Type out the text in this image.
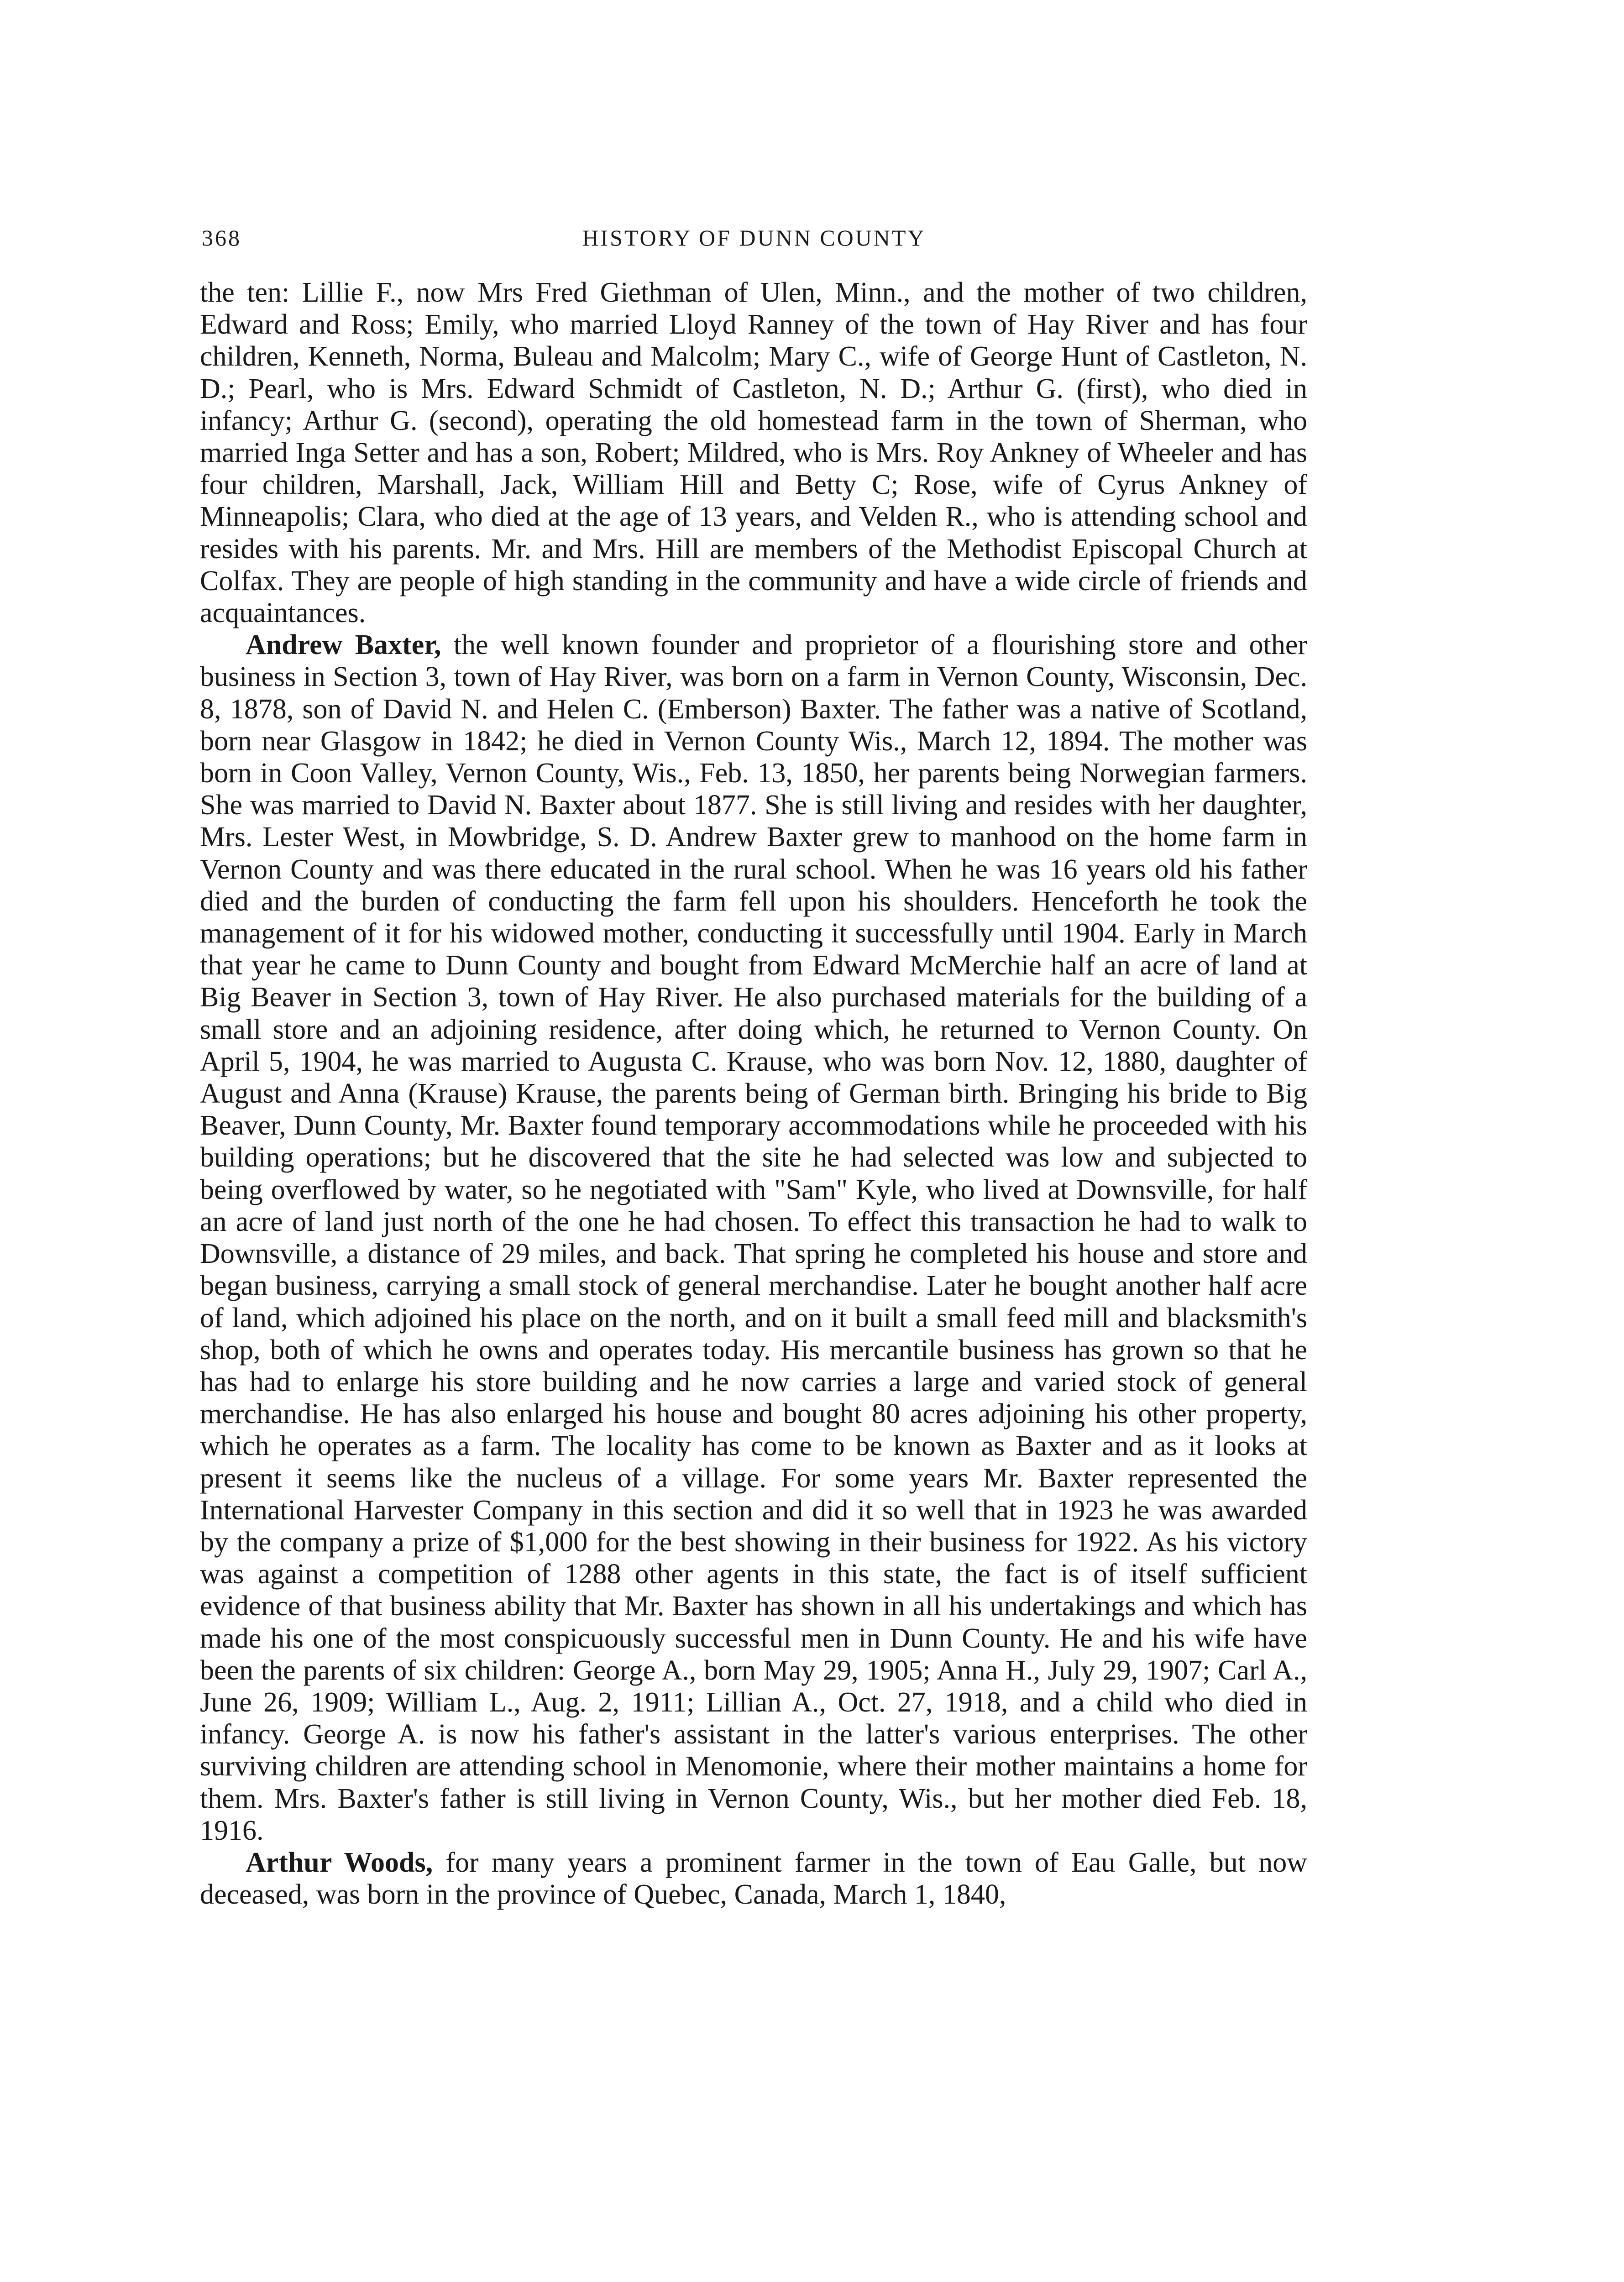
368	HISTORY OF DUNN COUNTY

the ten: Lillie F., now Mrs Fred Giethman of Ulen, Minn., and the mother of two children, Edward and Ross; Emily, who married Lloyd Ranney of the town of Hay River and has four children, Kenneth, Norma, Buleau and Malcolm; Mary C., wife of George Hunt of Castleton, N. D.; Pearl, who is Mrs. Edward Schmidt of Castleton, N. D.; Arthur G. (first), who died in infancy; Arthur G. (second), operating the old homestead farm in the town of Sherman, who married Inga Setter and has a son, Robert; Mildred, who is Mrs. Roy Ankney of Wheeler and has four children, Marshall, Jack, William Hill and Betty C; Rose, wife of Cyrus Ankney of Minneapolis; Clara, who died at the age of 13 years, and Velden R., who is attending school and resides with his parents. Mr. and Mrs. Hill are members of the Methodist Episcopal Church at Colfax. They are people of high standing in the community and have a wide circle of friends and acquaintances.

Andrew Baxter, the well known founder and proprietor of a flourishing store and other business in Section 3, town of Hay River, was born on a farm in Vernon County, Wisconsin, Dec. 8, 1878, son of David N. and Helen C. (Emberson) Baxter. The father was a native of Scotland, born near Glasgow in 1842; he died in Vernon County Wis., March 12, 1894. The mother was born in Coon Valley, Vernon County, Wis., Feb. 13, 1850, her parents being Norwegian farmers. She was married to David N. Baxter about 1877. She is still living and resides with her daughter, Mrs. Lester West, in Mowbridge, S. D. Andrew Baxter grew to manhood on the home farm in Vernon County and was there educated in the rural school. When he was 16 years old his father died and the burden of conducting the farm fell upon his shoulders. Henceforth he took the management of it for his widowed mother, conducting it successfully until 1904. Early in March that year he came to Dunn County and bought from Edward McMerchie half an acre of land at Big Beaver in Section 3, town of Hay River. He also purchased materials for the building of a small store and an adjoining residence, after doing which, he returned to Vernon County. On April 5, 1904, he was married to Augusta C. Krause, who was born Nov. 12, 1880, daughter of August and Anna (Krause) Krause, the parents being of German birth. Bringing his bride to Big Beaver, Dunn County, Mr. Baxter found temporary accommodations while he proceeded with his building operations; but he discovered that the site he had selected was low and subjected to being overflowed by water, so he negotiated with "Sam" Kyle, who lived at Downsville, for half an acre of land just north of the one he had chosen. To effect this transaction he had to walk to Downsville, a distance of 29 miles, and back. That spring he completed his house and store and began business, carrying a small stock of general merchandise. Later he bought another half acre of land, which adjoined his place on the north, and on it built a small feed mill and blacksmith's shop, both of which he owns and operates today. His mercantile business has grown so that he has had to enlarge his store building and he now carries a large and varied stock of general merchandise. He has also enlarged his house and bought 80 acres adjoining his other property, which he operates as a farm. The locality has come to be known as Baxter and as it looks at present it seems like the nucleus of a village. For some years Mr. Baxter represented the International Harvester Company in this section and did it so well that in 1923 he was awarded by the company a prize of $1,000 for the best showing in their business for 1922. As his victory was against a competition of 1288 other agents in this state, the fact is of itself sufficient evidence of that business ability that Mr. Baxter has shown in all his undertakings and which has made his one of the most conspicuously successful men in Dunn County. He and his wife have been the parents of six children: George A., born May 29, 1905; Anna H., July 29, 1907; Carl A., June 26, 1909; William L., Aug. 2, 1911; Lillian A., Oct. 27, 1918, and a child who died in infancy. George A. is now his father's assistant in the latter's various enterprises. The other surviving children are attending school in Menomonie, where their mother maintains a home for them. Mrs. Baxter's father is still living in Vernon County, Wis., but her mother died Feb. 18, 1916.

Arthur Woods, for many years a prominent farmer in the town of Eau Galle, but now deceased, was born in the province of Quebec, Canada, March 1, 1840,
